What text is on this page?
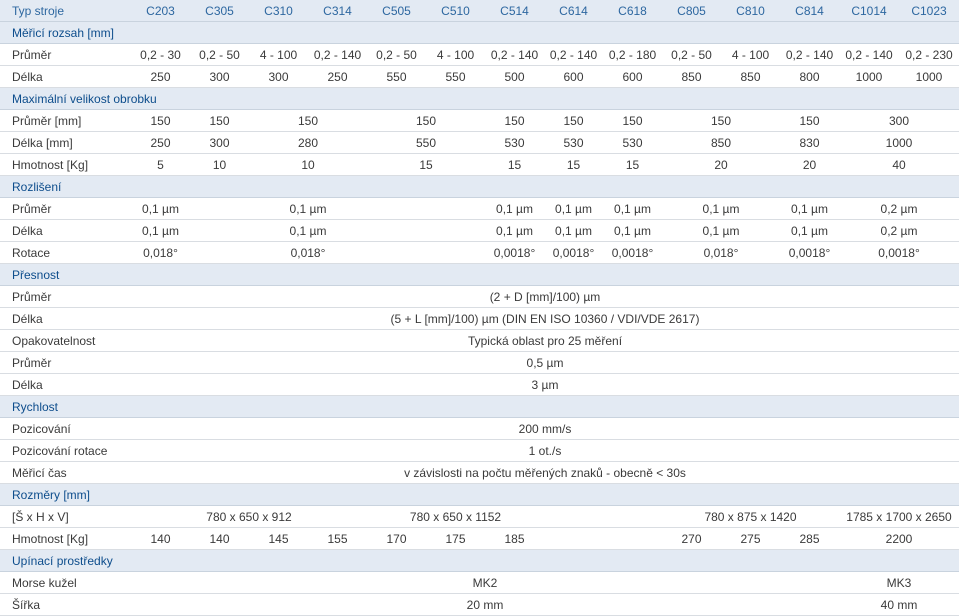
Typ stroje	C203	C305	C310	C314	C505	C510	C514	C614	C618	C805	C810	C814	C1014	C1023
Měřicí rozsah [mm]														
Průměr	0,2 - 30	0,2 - 50	4 - 100	0,2 - 140	0,2 - 50	4 - 100	0,2 - 140	0,2 - 140	0,2 - 180	0,2 - 50	4 - 100	0,2 - 140	0,2 - 140	0,2 - 230
Délka	250	300	300	250	550	550	500	600	600	850	850	800	1000	1000
Maximální velikost obrobku														
Průměr [mm]	150	150	150		150		150	150	150	150		150	300	
Délka [mm]	250	300	280		550		530	530	530	850		830	1000	
Hmotnost [Kg]	5	10	10		15		15	15	15	20		20	40	
Rozlišení														
Průměr	0,1 µm		0,1 µm				0,1 µm	0,1 µm	0,1 µm	0,1 µm		0,1 µm	0,2 µm	
Délka	0,1 µm		0,1 µm				0,1 µm	0,1 µm	0,1 µm	0,1 µm		0,1 µm	0,2 µm	
Rotace	0,018°		0,018°				0,0018°	0,0018°	0,0018°	0,018°		0,0018°	0,0018°	
Přesnost														
Průměr	(2 + D [mm]/100) µm													
Délka	(5 + L [mm]/100) µm (DIN EN ISO 10360 / VDI/VDE 2617)													
Opakovatelnost	Typická oblast pro 25 měření													
Průměr	0,5 µm													
Délka	3 µm													
Rychlost														
Pozicování	200 mm/s													
Pozicování rotace	1 ot./s													
Měřicí čas	v závislosti na počtu měřených znaků - obecně < 30s													
Rozměry [mm]														
[Š x H x V]	780 x 650 x 912				780 x 650 x 1152					780 x 875 x 1420			1785 x 1700 x 2650	
Hmotnost [Kg]	140	140	145	155	170	175	185			270	275	285	2200	
Upínací prostředky														
Morse kužel	MK2												MK3	
Šířka	20 mm												40 mm	
